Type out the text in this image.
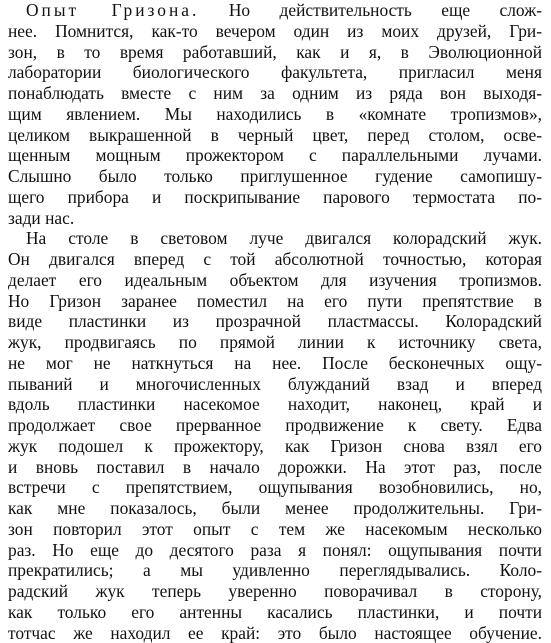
Опыт Гризона. Но действительность еще слож-
нее. Помнится, как-то вечером один из моих друзей, Гри-
зон, в то время работавший, как и я, в Эволюционной
лаборатории биологического факультета, пригласил меня
понаблюдать вместе с ним за одним из ряда вон выходя-
щим явлением. Мы находились в «комнате тропизмов»,
целиком выкрашенной в черный цвет, перед столом, осве-
щенным мощным прожектором с параллельными лучами.
Слышно было только приглушенное гудение самопишу-
щего прибора и поскрипывание парового термостата по-
зади нас.
На столе в световом луче двигался колорадский жук.
Он двигался вперед с той абсолютной точностью, которая
делает его идеальным объектом для изучения тропизмов.
Но Гризон заранее поместил на его пути препятствие в
виде пластинки из прозрачной пластмассы. Колорадский
жук, продвигаясь по прямой линии к источнику света,
не мог не наткнуться на нее. После бесконечных ощу-
пываний и многочисленных блужданий взад и вперед
вдоль пластинки насекомое находит, наконец, край и
продолжает свое прерванное продвижение к свету. Едва
жук подошел к прожектору, как Гризон снова взял его
и вновь поставил в начало дорожки. На этот раз, после
встречи с препятствием, ощупывания возобновились, но,
как мне показалось, были менее продолжительны. Гри-
зон повторил этот опыт с тем же насекомым несколько
раз. Но еще до десятого раза я понял: ощупывания почти
прекратились; а мы удивленно переглядывались. Коло-
радский жук теперь уверенно поворачивал в сторону,
как только его антенны касались пластинки, и почти
тотчас же находил ее край: это было настоящее обучение.
